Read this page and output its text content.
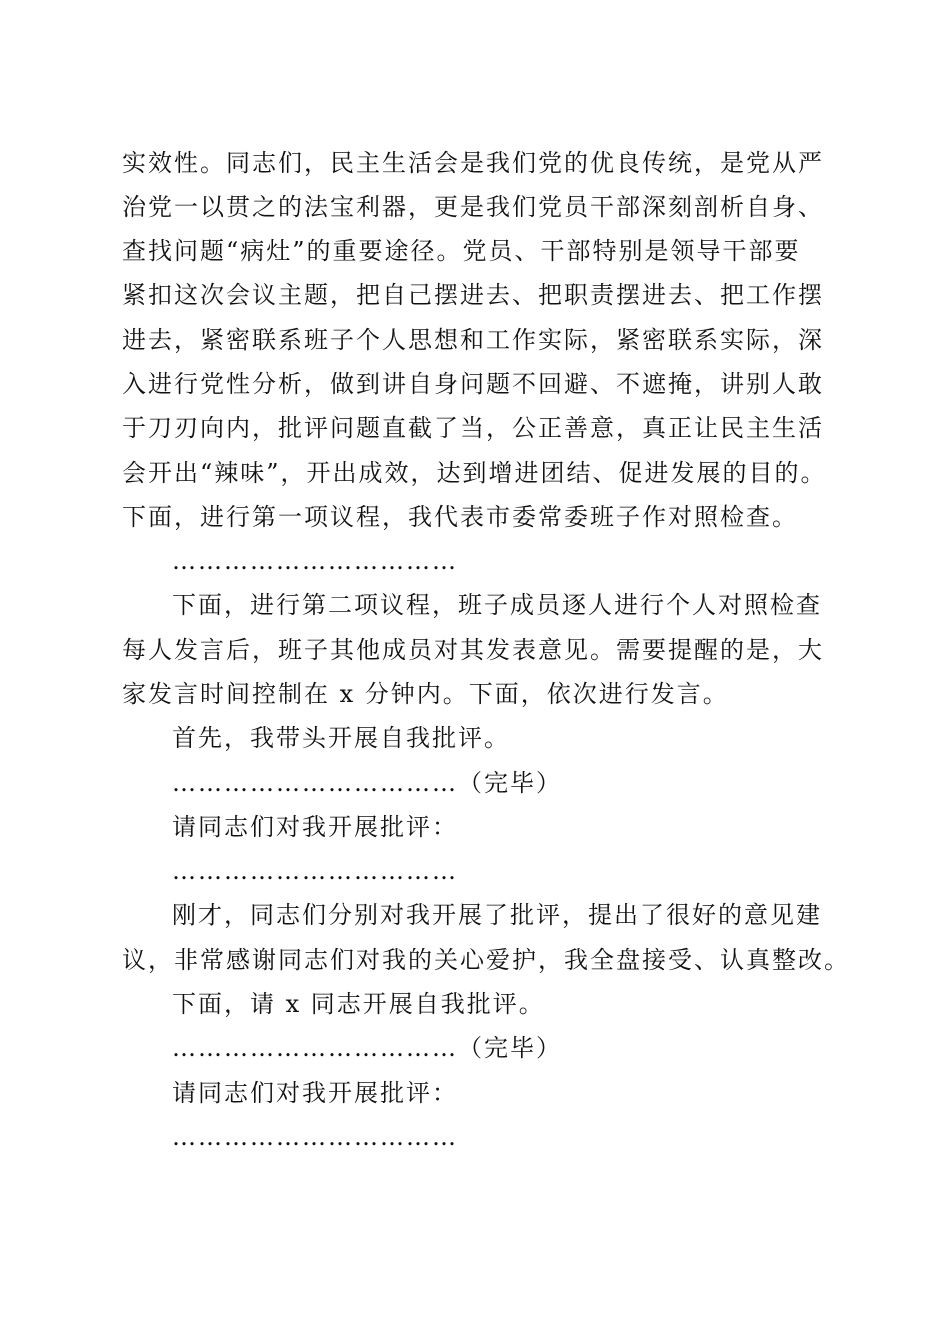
实效性。同志们，民主生活会是我们党的优良传统，是党从严
治党一以贯之的法宝利器，更是我们党员干部深刻剖析自身、
查找问题“病灶”的重要途径。党员、干部特别是领导干部要
紧扣这次会议主题，把自己摆进去、把职责摆进去、把工作摆
进去，紧密联系班子个人思想和工作实际，紧密联系实际，深
入进行党性分析，做到讲自身问题不回避、不遮掩，讲别人敢
于刀刃向内，批评问题直截了当，公正善意，真正让民主生活
会开出“辣味”，开出成效，达到增进团结、促进发展的目的。
下面，进行第一项议程，我代表市委常委班子作对照检查。
……………………………
下面，进行第二项议程，班子成员逐人进行个人对照检查
每人发言后，班子其他成员对其发表意见。需要提醒的是，大
家发言时间控制在 x 分钟内。下面，依次进行发言。
首先，我带头开展自我批评。
……………………………（完毕）
请同志们对我开展批评：
……………………………
刚才，同志们分别对我开展了批评，提出了很好的意见建
议，非常感谢同志们对我的关心爱护，我全盘接受、认真整改。
下面，请 x 同志开展自我批评。
……………………………（完毕）
请同志们对我开展批评：
……………………………
